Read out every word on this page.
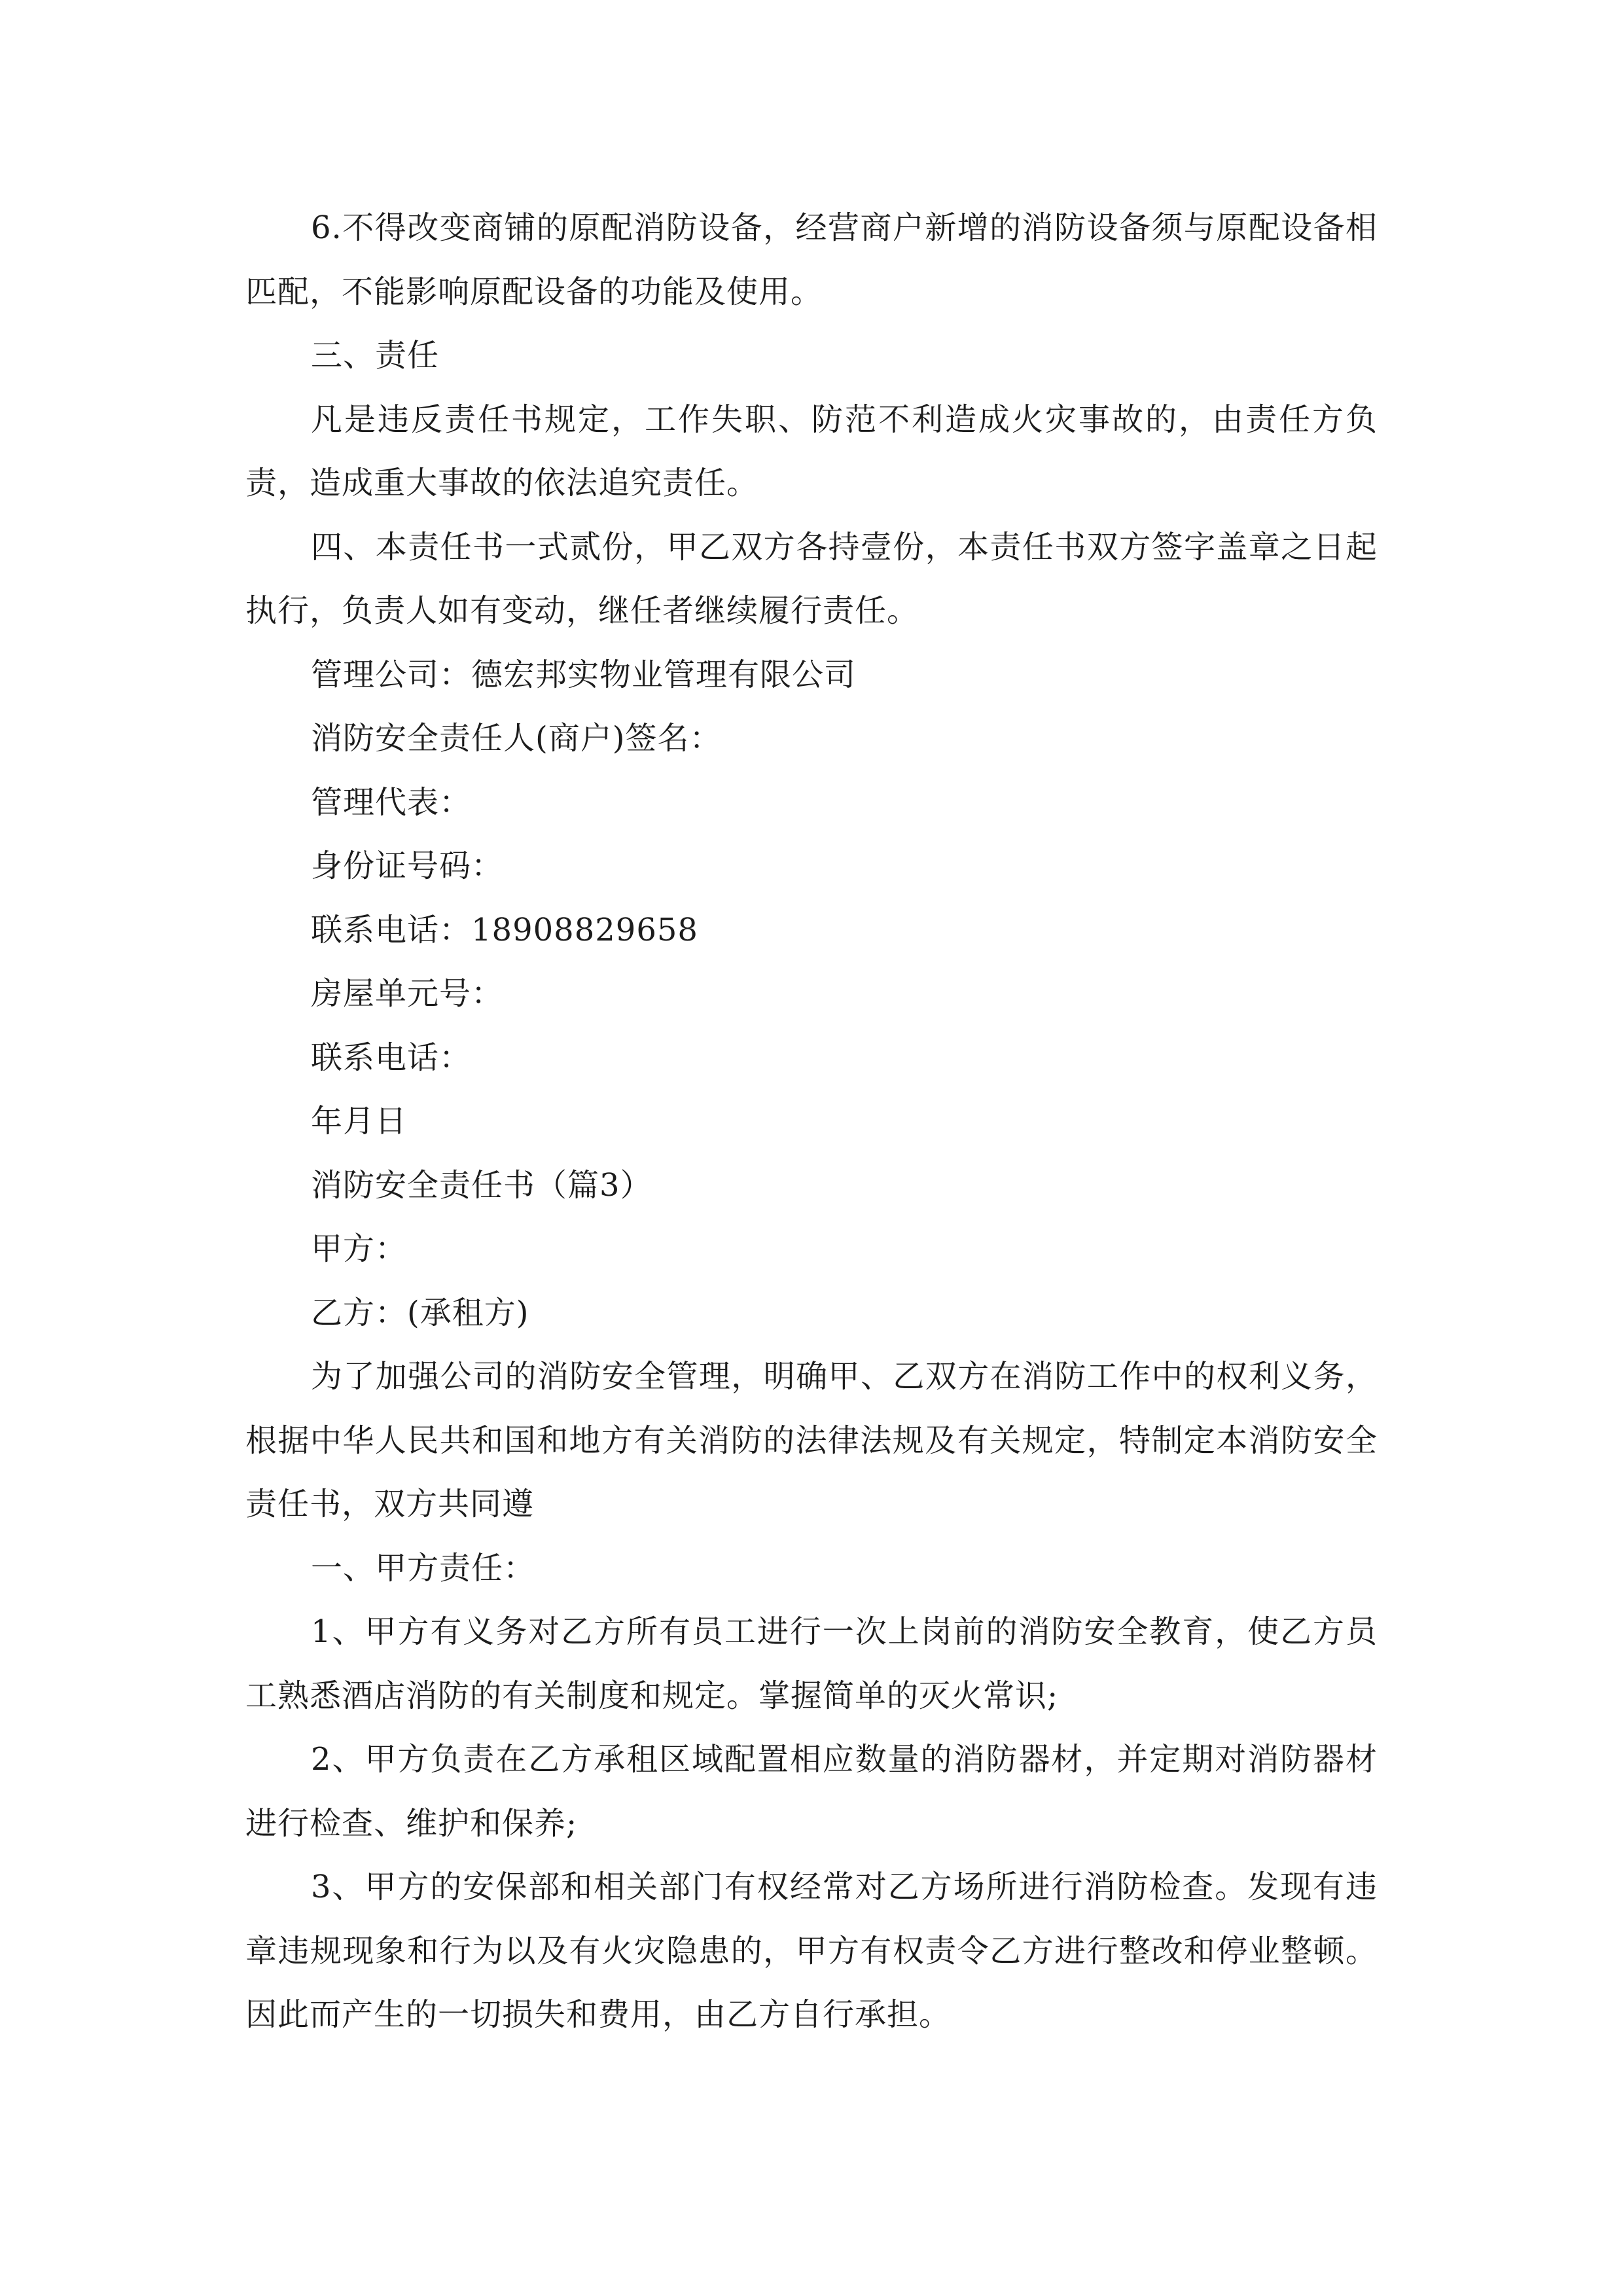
6.不得改变商铺的原配消防设备，经营商户新增的消防设备须与原配设备相匹配，不能影响原配设备的功能及使用。

三、责任

凡是违反责任书规定，工作失职、防范不利造成火灾事故的，由责任方负责，造成重大事故的依法追究责任。

四、本责任书一式贰份，甲乙双方各持壹份，本责任书双方签字盖章之日起执行，负责人如有变动，继任者继续履行责任。

管理公司：德宏邦实物业管理有限公司

消防安全责任人(商户)签名：

管理代表：

身份证号码：

联系电话：18908829658

房屋单元号：

联系电话：

年月日

消防安全责任书（篇3）

甲方：

乙方：(承租方)

为了加强公司的消防安全管理，明确甲、乙双方在消防工作中的权利义务，根据中华人民共和国和地方有关消防的法律法规及有关规定，特制定本消防安全责任书，双方共同遵

一、甲方责任：

1、甲方有义务对乙方所有员工进行一次上岗前的消防安全教育，使乙方员工熟悉酒店消防的有关制度和规定。掌握简单的灭火常识;

2、甲方负责在乙方承租区域配置相应数量的消防器材，并定期对消防器材进行检查、维护和保养;

3、甲方的安保部和相关部门有权经常对乙方场所进行消防检查。发现有违章违规现象和行为以及有火灾隐患的，甲方有权责令乙方进行整改和停业整顿。因此而产生的一切损失和费用，由乙方自行承担。
